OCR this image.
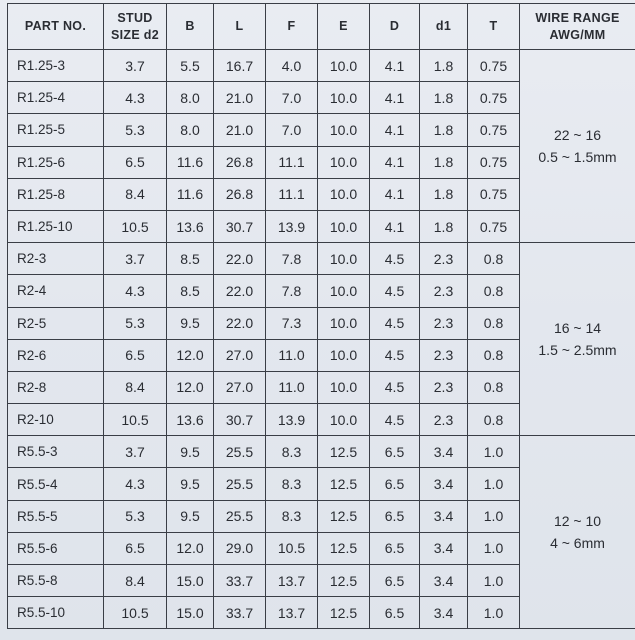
PART NO.	STUD
SIZE d2	B	L	F	E	D	d1	T	WIRE RANGE
AWG/MM

R1.25-3	3.7	5.5	16.7	4.0	10.0	4.1	1.8	0.75	22 ~ 16
0.5 ~ 1.5mm

R1.25-4	4.3	8.0	21.0	7.0	10.0	4.1	1.8	0.75	
R1.25-5	5.3	8.0	21.0	7.0	10.0	4.1	1.8	0.75	
R1.25-6	6.5	11.6	26.8	11.1	10.0	4.1	1.8	0.75	
R1.25-8	8.4	11.6	26.8	11.1	10.0	4.1	1.8	0.75	
R1.25-10	10.5	13.6	30.7	13.9	10.0	4.1	1.8	0.75	
R2-3	3.7	8.5	22.0	7.8	10.0	4.5	2.3	0.8	16 ~ 14
1.5 ~ 2.5mm

R2-4	4.3	8.5	22.0	7.8	10.0	4.5	2.3	0.8	
R2-5	5.3	9.5	22.0	7.3	10.0	4.5	2.3	0.8	
R2-6	6.5	12.0	27.0	11.0	10.0	4.5	2.3	0.8	
R2-8	8.4	12.0	27.0	11.0	10.0	4.5	2.3	0.8	
R2-10	10.5	13.6	30.7	13.9	10.0	4.5	2.3	0.8	
R5.5-3	3.7	9.5	25.5	8.3	12.5	6.5	3.4	1.0	12 ~ 10
4 ~ 6mm

R5.5-4	4.3	9.5	25.5	8.3	12.5	6.5	3.4	1.0	
R5.5-5	5.3	9.5	25.5	8.3	12.5	6.5	3.4	1.0	
R5.5-6	6.5	12.0	29.0	10.5	12.5	6.5	3.4	1.0	
R5.5-8	8.4	15.0	33.7	13.7	12.5	6.5	3.4	1.0	
R5.5-10	10.5	15.0	33.7	13.7	12.5	6.5	3.4	1.0	
